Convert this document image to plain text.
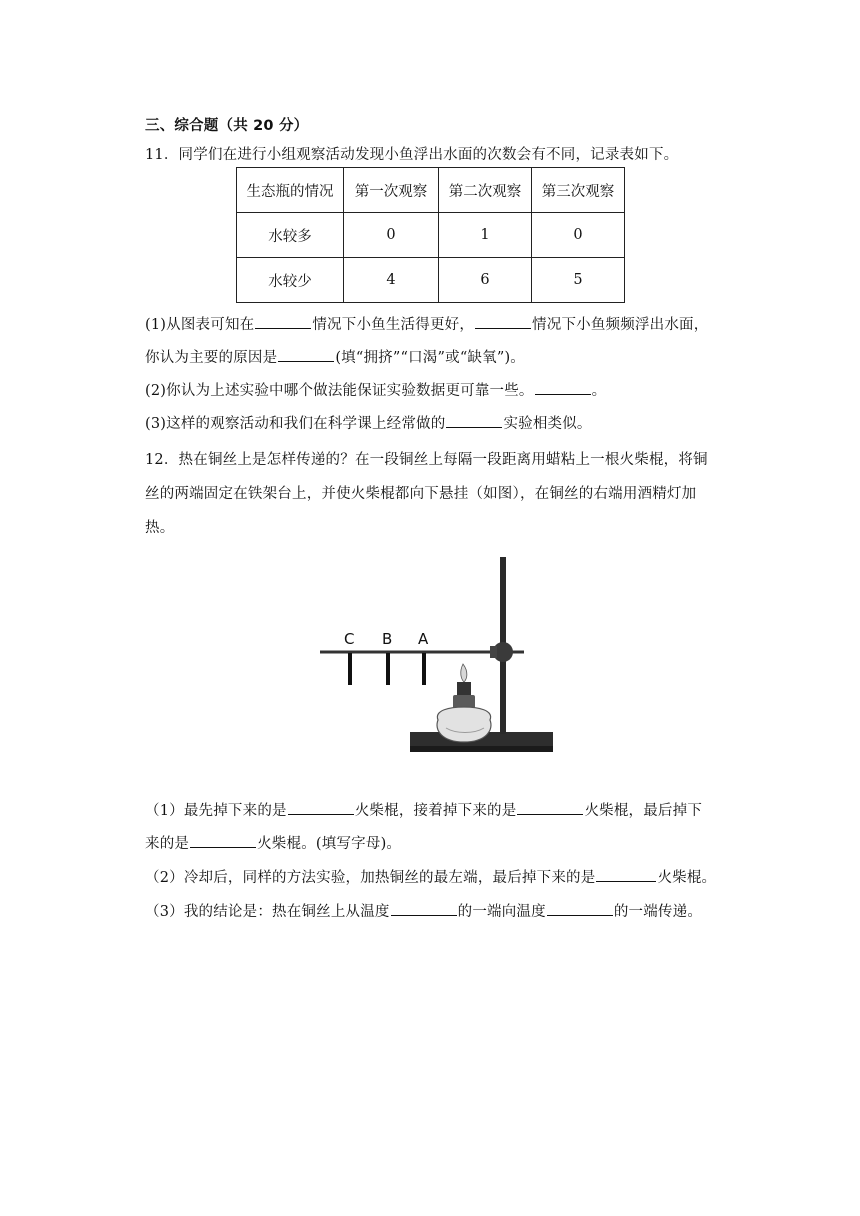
三、综合题（共 20 分）
11．同学们在进行小组观察活动发现小鱼浮出水面的次数会有不同，记录表如下。
生态瓶的情况	第一次观察	第二次观察	第三次观察
水较多	0	1	0
水较少	4	6	5
(1)从图表可知在	情况下小鱼生活得更好，	情况下小鱼频频浮出水面，
你认为主要的原因是	(填“拥挤”“口渴”或“缺氧”)。
(2)你认为上述实验中哪个做法能保证实验数据更可靠一些。	。
(3)这样的观察活动和我们在科学课上经常做的	实验相类似。
12．热在铜丝上是怎样传递的？在一段铜丝上每隔一段距离用蜡粘上一根火柴棍，将铜
丝的两端固定在铁架台上，并使火柴棍都向下悬挂（如图），在铜丝的右端用酒精灯加
热。
C B A
（1）最先掉下来的是	火柴棍，接着掉下来的是	火柴棍，最后掉下
来的是	火柴棍。(填写字母)。
（2）冷却后，同样的方法实验，加热铜丝的最左端，最后掉下来的是	火柴棍。
（3）我的结论是：热在铜丝上从温度	的一端向温度	的一端传递。
